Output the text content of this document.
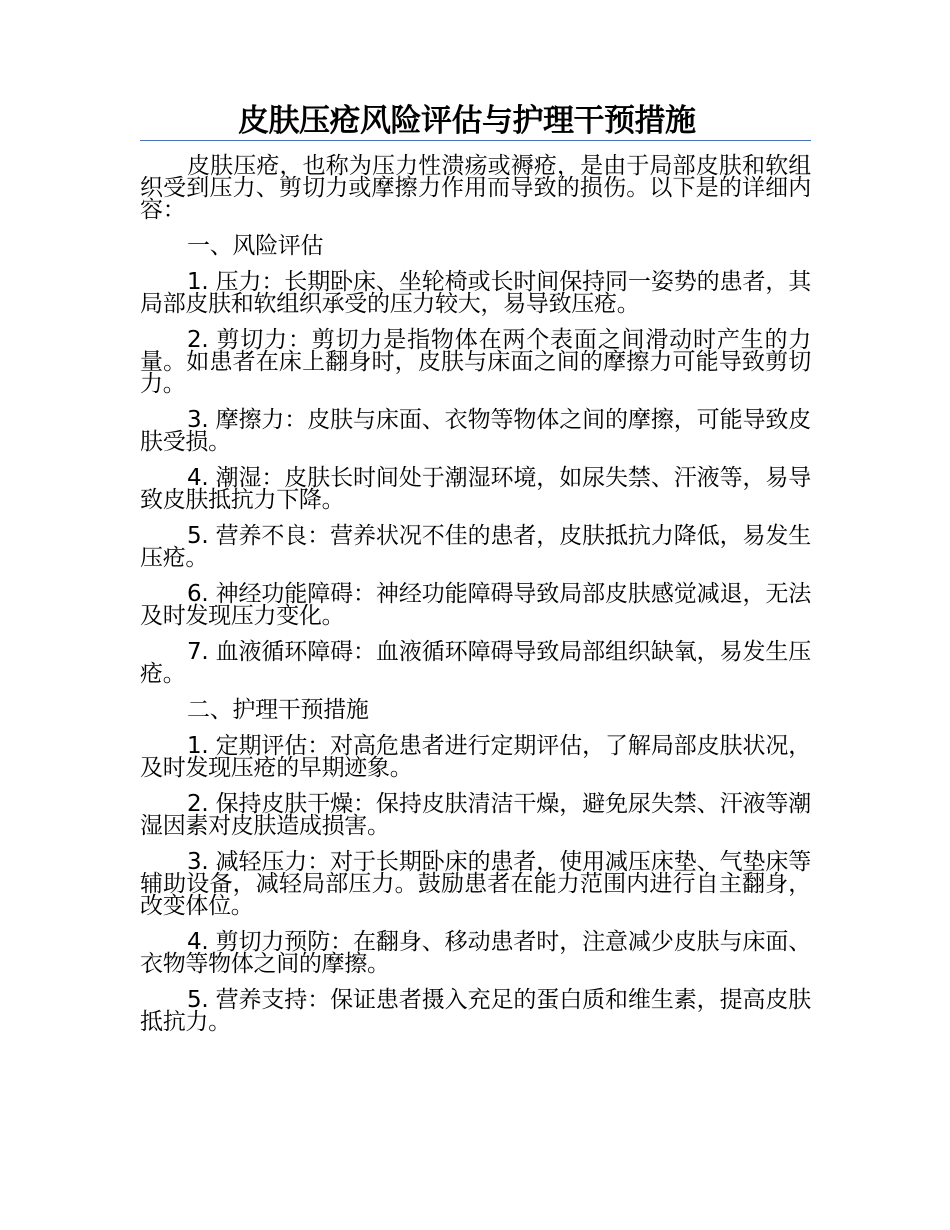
皮肤压疮风险评估与护理干预措施

皮肤压疮，也称为压力性溃疡或褥疮，是由于局部皮肤和软组织受到压力、剪切力或摩擦力作用而导致的损伤。以下是的详细内容：

一、风险评估

1. 压力：长期卧床、坐轮椅或长时间保持同一姿势的患者，其局部皮肤和软组织承受的压力较大，易导致压疮。

2. 剪切力：剪切力是指物体在两个表面之间滑动时产生的力量。如患者在床上翻身时，皮肤与床面之间的摩擦力可能导致剪切力。

3. 摩擦力：皮肤与床面、衣物等物体之间的摩擦，可能导致皮肤受损。

4. 潮湿：皮肤长时间处于潮湿环境，如尿失禁、汗液等，易导致皮肤抵抗力下降。

5. 营养不良：营养状况不佳的患者，皮肤抵抗力降低，易发生压疮。

6. 神经功能障碍：神经功能障碍导致局部皮肤感觉减退，无法及时发现压力变化。

7. 血液循环障碍：血液循环障碍导致局部组织缺氧，易发生压疮。

二、护理干预措施

1. 定期评估：对高危患者进行定期评估，了解局部皮肤状况，及时发现压疮的早期迹象。

2. 保持皮肤干燥：保持皮肤清洁干燥，避免尿失禁、汗液等潮湿因素对皮肤造成损害。

3. 减轻压力：对于长期卧床的患者，使用减压床垫、气垫床等辅助设备，减轻局部压力。鼓励患者在能力范围内进行自主翻身，改变体位。

4. 剪切力预防：在翻身、移动患者时，注意减少皮肤与床面、衣物等物体之间的摩擦。

5. 营养支持：保证患者摄入充足的蛋白质和维生素，提高皮肤抵抗力。
